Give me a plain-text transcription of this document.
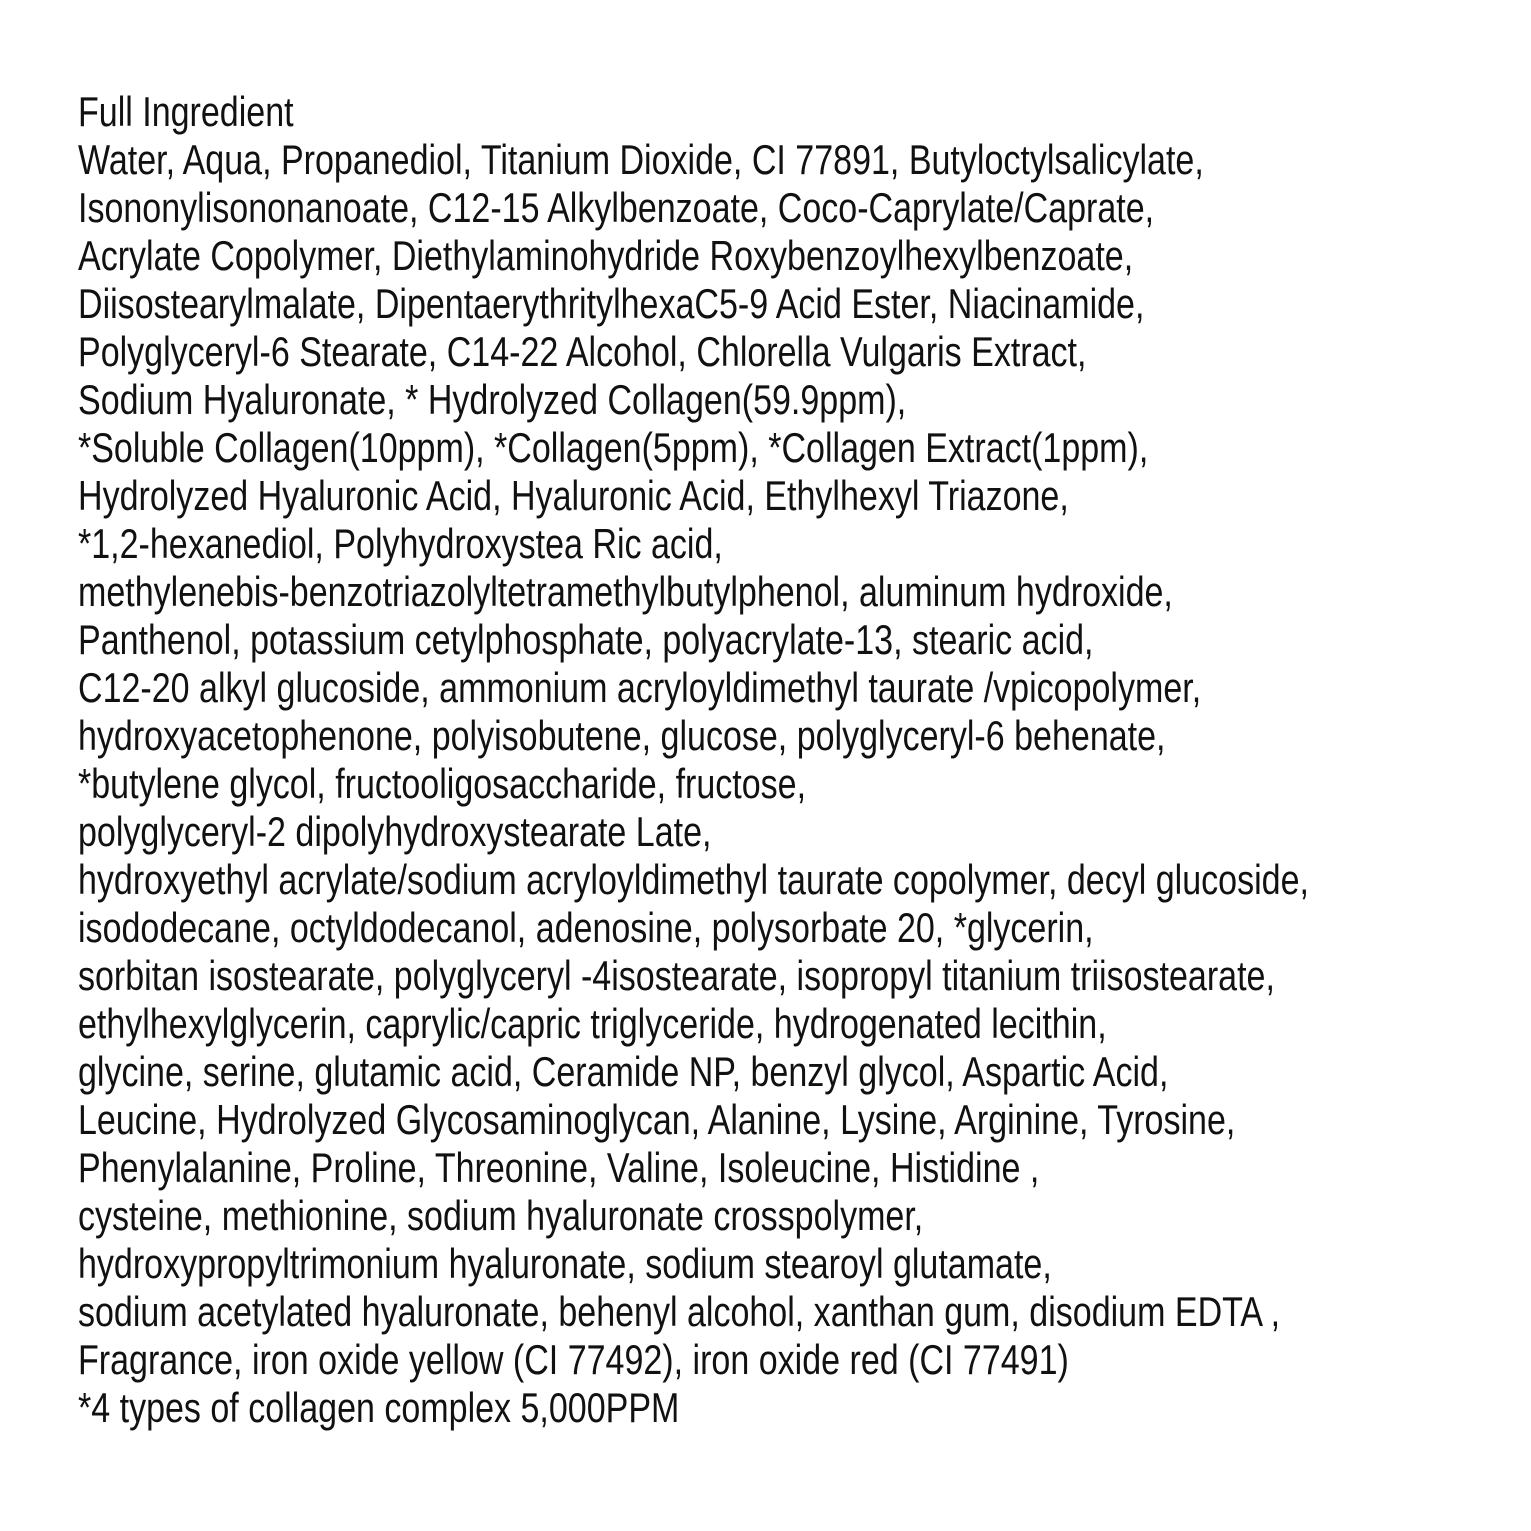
Full Ingredient
Water, Aqua, Propanediol, Titanium Dioxide, CI 77891, Butyloctylsalicylate,
Isononylisononanoate, C12-15 Alkylbenzoate, Coco-Caprylate/Caprate,
Acrylate Copolymer, Diethylaminohydride Roxybenzoylhexylbenzoate,
Diisostearylmalate, DipentaerythritylhexaC5-9 Acid Ester, Niacinamide,
Polyglyceryl-6 Stearate, C14-22 Alcohol, Chlorella Vulgaris Extract,
Sodium Hyaluronate, * Hydrolyzed Collagen(59.9ppm),
*Soluble Collagen(10ppm), *Collagen(5ppm), *Collagen Extract(1ppm),
Hydrolyzed Hyaluronic Acid, Hyaluronic Acid, Ethylhexyl Triazone,
*1,2-hexanediol, Polyhydroxystea Ric acid,
methylenebis-benzotriazolyltetramethylbutylphenol, aluminum hydroxide,
Panthenol, potassium cetylphosphate, polyacrylate-13, stearic acid,
C12-20 alkyl glucoside, ammonium acryloyldimethyl taurate /vpicopolymer,
hydroxyacetophenone, polyisobutene, glucose, polyglyceryl-6 behenate,
*butylene glycol, fructooligosaccharide, fructose,
polyglyceryl-2 dipolyhydroxystearate Late,
hydroxyethyl acrylate/sodium acryloyldimethyl taurate copolymer, decyl glucoside,
isododecane, octyldodecanol, adenosine, polysorbate 20, *glycerin,
sorbitan isostearate, polyglyceryl -4isostearate, isopropyl titanium triisostearate,
ethylhexylglycerin, caprylic/capric triglyceride, hydrogenated lecithin,
glycine, serine, glutamic acid, Ceramide NP, benzyl glycol, Aspartic Acid,
Leucine, Hydrolyzed Glycosaminoglycan, Alanine, Lysine, Arginine, Tyrosine,
Phenylalanine, Proline, Threonine, Valine, Isoleucine, Histidine ,
cysteine, methionine, sodium hyaluronate crosspolymer,
hydroxypropyltrimonium hyaluronate, sodium stearoyl glutamate,
sodium acetylated hyaluronate, behenyl alcohol, xanthan gum, disodium EDTA ,
Fragrance, iron oxide yellow (CI 77492), iron oxide red (CI 77491)
*4 types of collagen complex 5,000PPM
